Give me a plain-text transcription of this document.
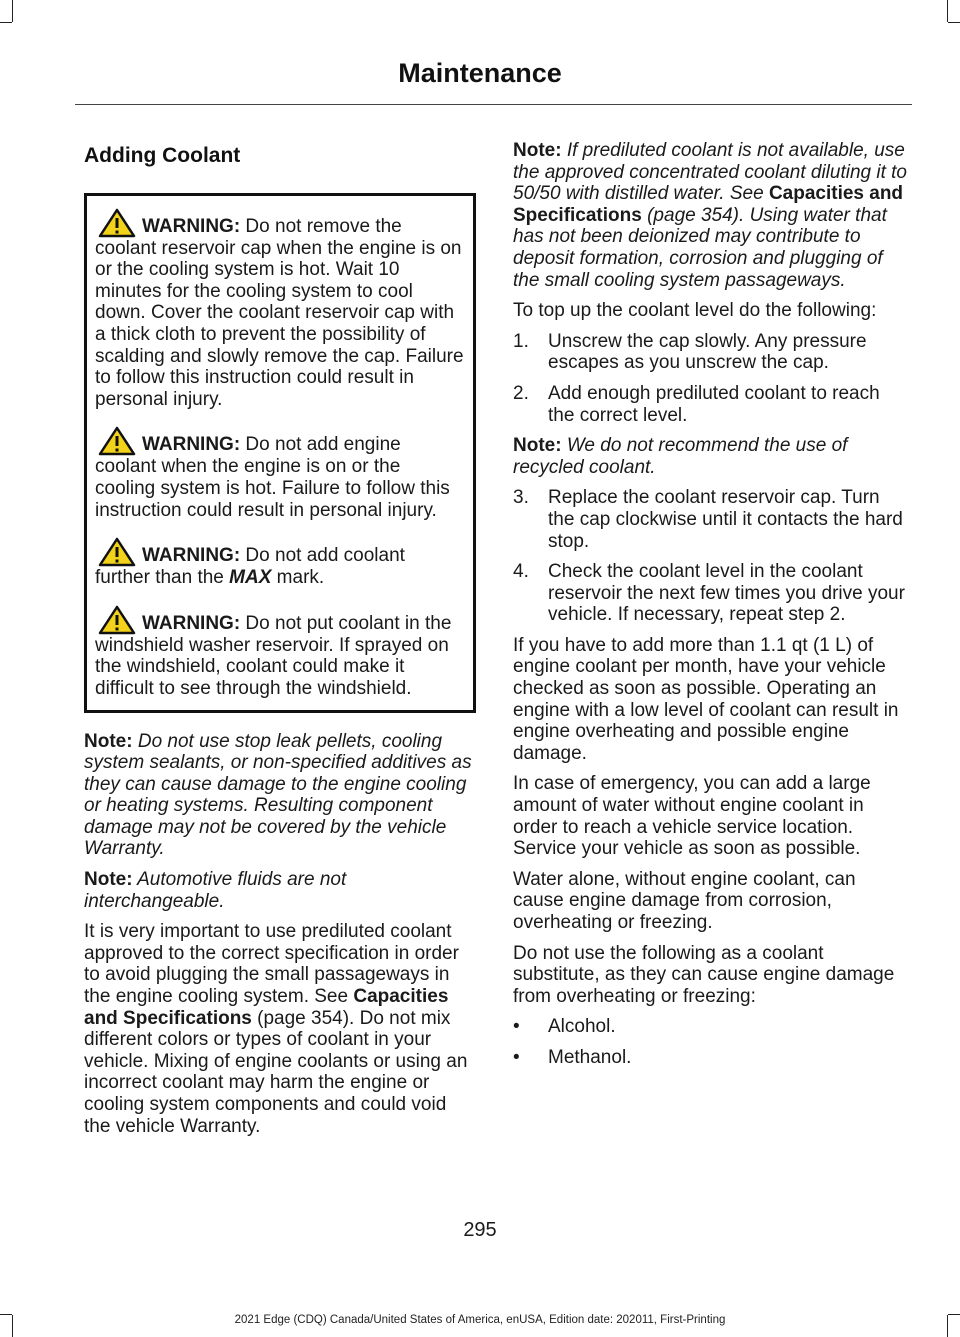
Maintenance
Adding Coolant
WARNING: Do not remove the coolant reservoir cap when the engine is on or the cooling system is hot. Wait 10 minutes for the cooling system to cool down. Cover the coolant reservoir cap with a thick cloth to prevent the possibility of scalding and slowly remove the cap. Failure to follow this instruction could result in personal injury.
WARNING: Do not add engine coolant when the engine is on or the cooling system is hot. Failure to follow this instruction could result in personal injury.
WARNING: Do not add coolant further than the MAX mark.
WARNING: Do not put coolant in the windshield washer reservoir. If sprayed on the windshield, coolant could make it difficult to see through the windshield.

Note: Do not use stop leak pellets, cooling system sealants, or non-specified additives as they can cause damage to the engine cooling or heating systems. Resulting component damage may not be covered by the vehicle Warranty.

Note: Automotive fluids are not interchangeable.

It is very important to use prediluted coolant approved to the correct specification in order to avoid plugging the small passageways in the engine cooling system. See Capacities and Specifications (page 354). Do not mix different colors or types of coolant in your vehicle. Mixing of engine coolants or using an incorrect coolant may harm the engine or cooling system components and could void the vehicle Warranty.

Note: If prediluted coolant is not available, use the approved concentrated coolant diluting it to 50/50 with distilled water. See Capacities and Specifications (page 354). Using water that has not been deionized may contribute to deposit formation, corrosion and plugging of the small cooling system passageways.

To top up the coolant level do the following:

1. Unscrew the cap slowly. Any pressure escapes as you unscrew the cap.
2. Add enough prediluted coolant to reach the correct level.

Note: We do not recommend the use of recycled coolant.

3. Replace the coolant reservoir cap. Turn the cap clockwise until it contacts the hard stop.
4. Check the coolant level in the coolant reservoir the next few times you drive your vehicle. If necessary, repeat step 2.

If you have to add more than 1.1 qt (1 L) of engine coolant per month, have your vehicle checked as soon as possible. Operating an engine with a low level of coolant can result in engine overheating and possible engine damage.

In case of emergency, you can add a large amount of water without engine coolant in order to reach a vehicle service location. Service your vehicle as soon as possible.

Water alone, without engine coolant, can cause engine damage from corrosion, overheating or freezing.

Do not use the following as a coolant substitute, as they can cause engine damage from overheating or freezing:

• Alcohol.
• Methanol.
295
2021 Edge (CDQ) Canada/United States of America, enUSA, Edition date: 202011, First-Printing
